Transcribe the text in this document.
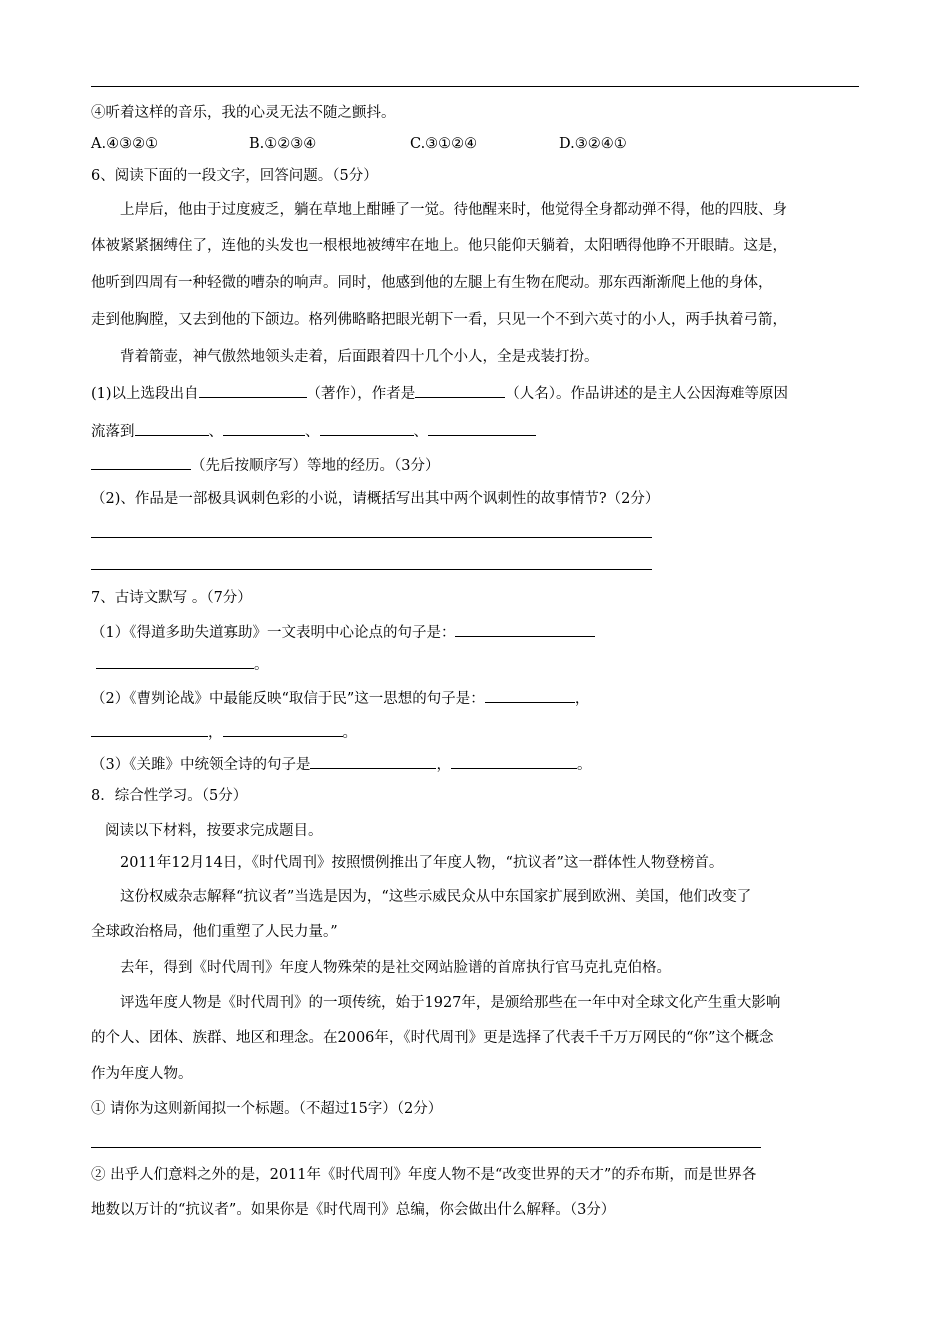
④听着这样的音乐，我的心灵无法不随之颤抖。
A.④③②①	B.①②③④	C.③①②④	D.③②④①
6、阅读下面的一段文字，回答问题。（5分）
上岸后，他由于过度疲乏，躺在草地上酣睡了一觉。待他醒来时，他觉得全身都动弹不得，他的四肢、身
体被紧紧捆缚住了，连他的头发也一根根地被缚牢在地上。他只能仰天躺着，太阳晒得他睁不开眼睛。这是，
他听到四周有一种轻微的嘈杂的响声。同时，他感到他的左腿上有生物在爬动。那东西渐渐爬上他的身体，
走到他胸膛，又去到他的下颌边。格列佛略略把眼光朝下一看，只见一个不到六英寸的小人，两手执着弓箭，
背着箭壶，神气傲然地领头走着，后面跟着四十几个小人，全是戎装打扮。
(1)以上选段出自	（著作），作者是	（人名）。作品讲述的是主人公因海难等原因
流落到	、	、	、
（先后按顺序写）等地的经历。（3分）
（2)、作品是一部极具讽刺色彩的小说，请概括写出其中两个讽刺性的故事情节?（2分）
7、古诗文默写 。（7分）
（1）《得道多助失道寡助》一文表明中心论点的句子是：
。
（2）《曹刿论战》中最能反映“取信于民”这一思想的句子是：	，
，	。
（3）《关雎》中统领全诗的句子是	，	。
8．综合性学习。（5分）
阅读以下材料，按要求完成题目。
2011年12月14日，《时代周刊》按照惯例推出了年度人物，“抗议者”这一群体性人物登榜首。
这份权威杂志解释“抗议者”当选是因为，“这些示威民众从中东国家扩展到欧洲、美国，他们改变了
全球政治格局，他们重塑了人民力量。”
去年，得到《时代周刊》年度人物殊荣的是社交网站脸谱的首席执行官马克扎克伯格。
评选年度人物是《时代周刊》的一项传统，始于1927年，是颁给那些在一年中对全球文化产生重大影响
的个人、团体、族群、地区和理念。在2006年，《时代周刊》更是选择了代表千千万万网民的“你”这个概念
作为年度人物。
① 请你为这则新闻拟一个标题。（不超过15字）（2分）
② 出乎人们意料之外的是，2011年《时代周刊》年度人物不是“改变世界的天才”的乔布斯，而是世界各
地数以万计的“抗议者”。如果你是《时代周刊》总编，你会做出什么解释。（3分）
